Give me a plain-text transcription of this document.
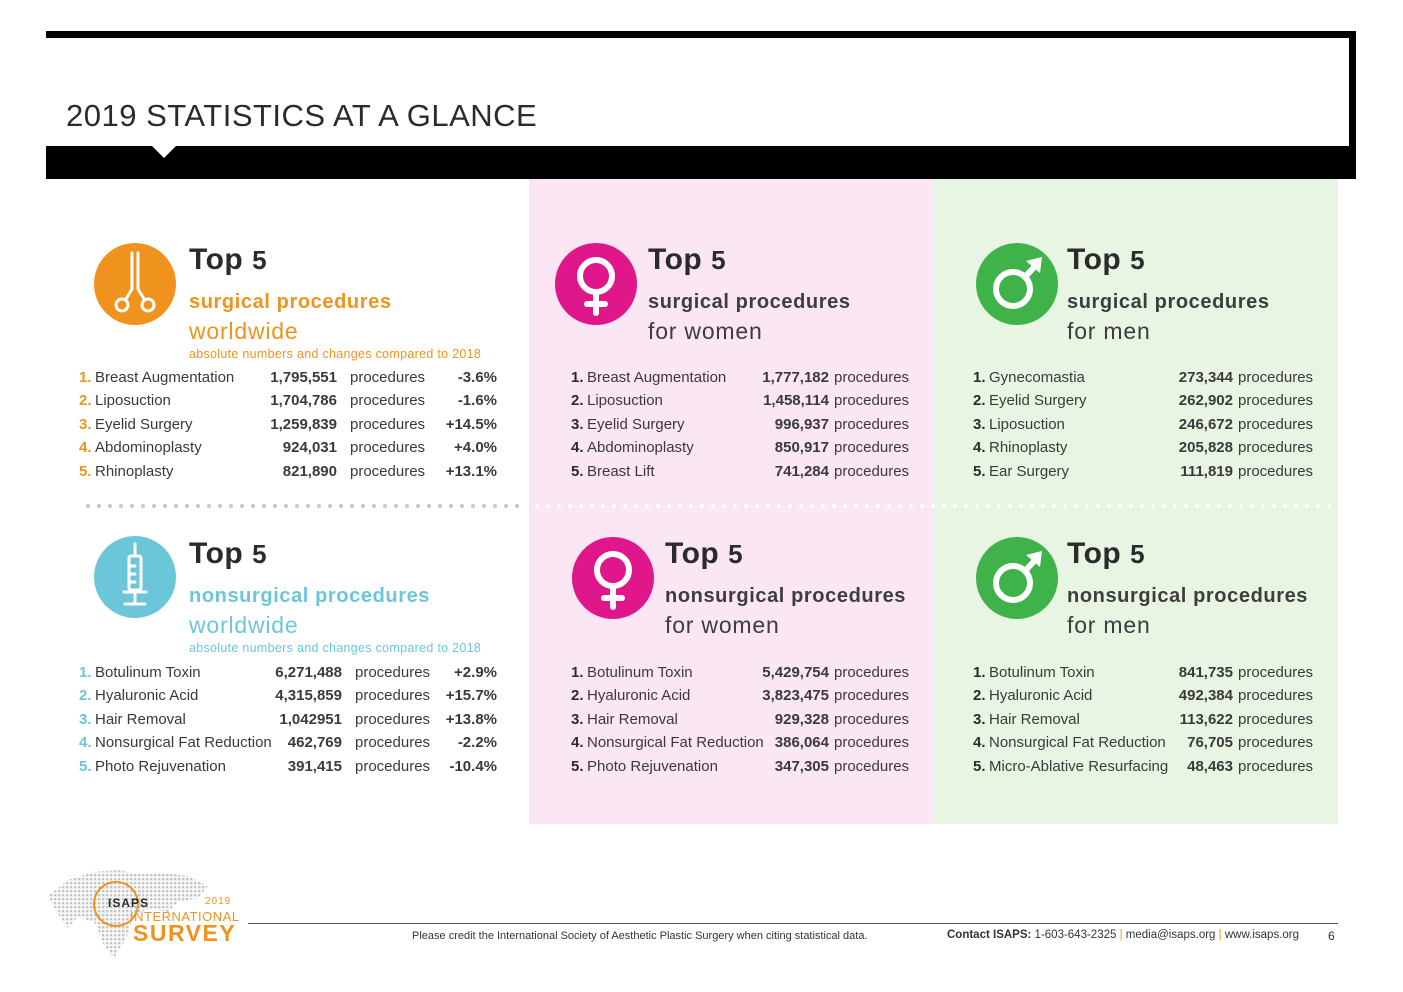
2019 STATISTICS AT A GLANCE
Top 5
surgical procedures
worldwide
absolute numbers and changes compared to 2018
1. Breast Augmentation 1,795,551 procedures -3.6%
2. Liposuction	1,704,786 procedures -1.6%
3. Eyelid Surgery	1,259,839 procedures +14.5%
4. Abdominoplasty	924,031 procedures +4.0%
5. Rhinoplasty	821,890 procedures +13.1%
Top 5
surgical procedures
for women
1. Breast Augmentation 1,777,182 procedures
2. Liposuction	1,458,114 procedures
3. Eyelid Surgery	996,937 procedures
4. Abdominoplasty	850,917 procedures
5. Breast Lift	741,284 procedures
Top 5
surgical procedures
for men
1. Gynecomastia	273,344 procedures
2. Eyelid Surgery	262,902 procedures
3. Liposuction	246,672 procedures
4. Rhinoplasty	205,828 procedures
5. Ear Surgery	111,819 procedures
Top 5
nonsurgical procedures
worldwide
absolute numbers and changes compared to 2018
1. Botulinum Toxin	6,271,488 procedures +2.9%
2. Hyaluronic Acid	4,315,859 procedures +15.7%
3. Hair Removal	1,042951 procedures +13.8%
4. Nonsurgical Fat Reduction 462,769 procedures -2.2%
5. Photo Rejuvenation	391,415 procedures -10.4%
Top 5
nonsurgical procedures
for women
1. Botulinum Toxin	5,429,754 procedures
2. Hyaluronic Acid	3,823,475 procedures
3. Hair Removal	929,328 procedures
4. Nonsurgical Fat Reduction 386,064 procedures
5. Photo Rejuvenation	347,305 procedures
Top 5
nonsurgical procedures
for men
1. Botulinum Toxin	841,735 procedures
2. Hyaluronic Acid	492,384 procedures
3. Hair Removal	113,622 procedures
4. Nonsurgical Fat Reduction 76,705 procedures
5. Micro-Ablative Resurfacing 48,463 procedures
ISAPS	2019
INTERNATIONAL
SURVEY	Please credit the International Society of Aesthetic Plastic Surgery when citing statistical data.	Contact ISAPS: 1-603-643-2325 | media@isaps.org | www.isaps.org 6
